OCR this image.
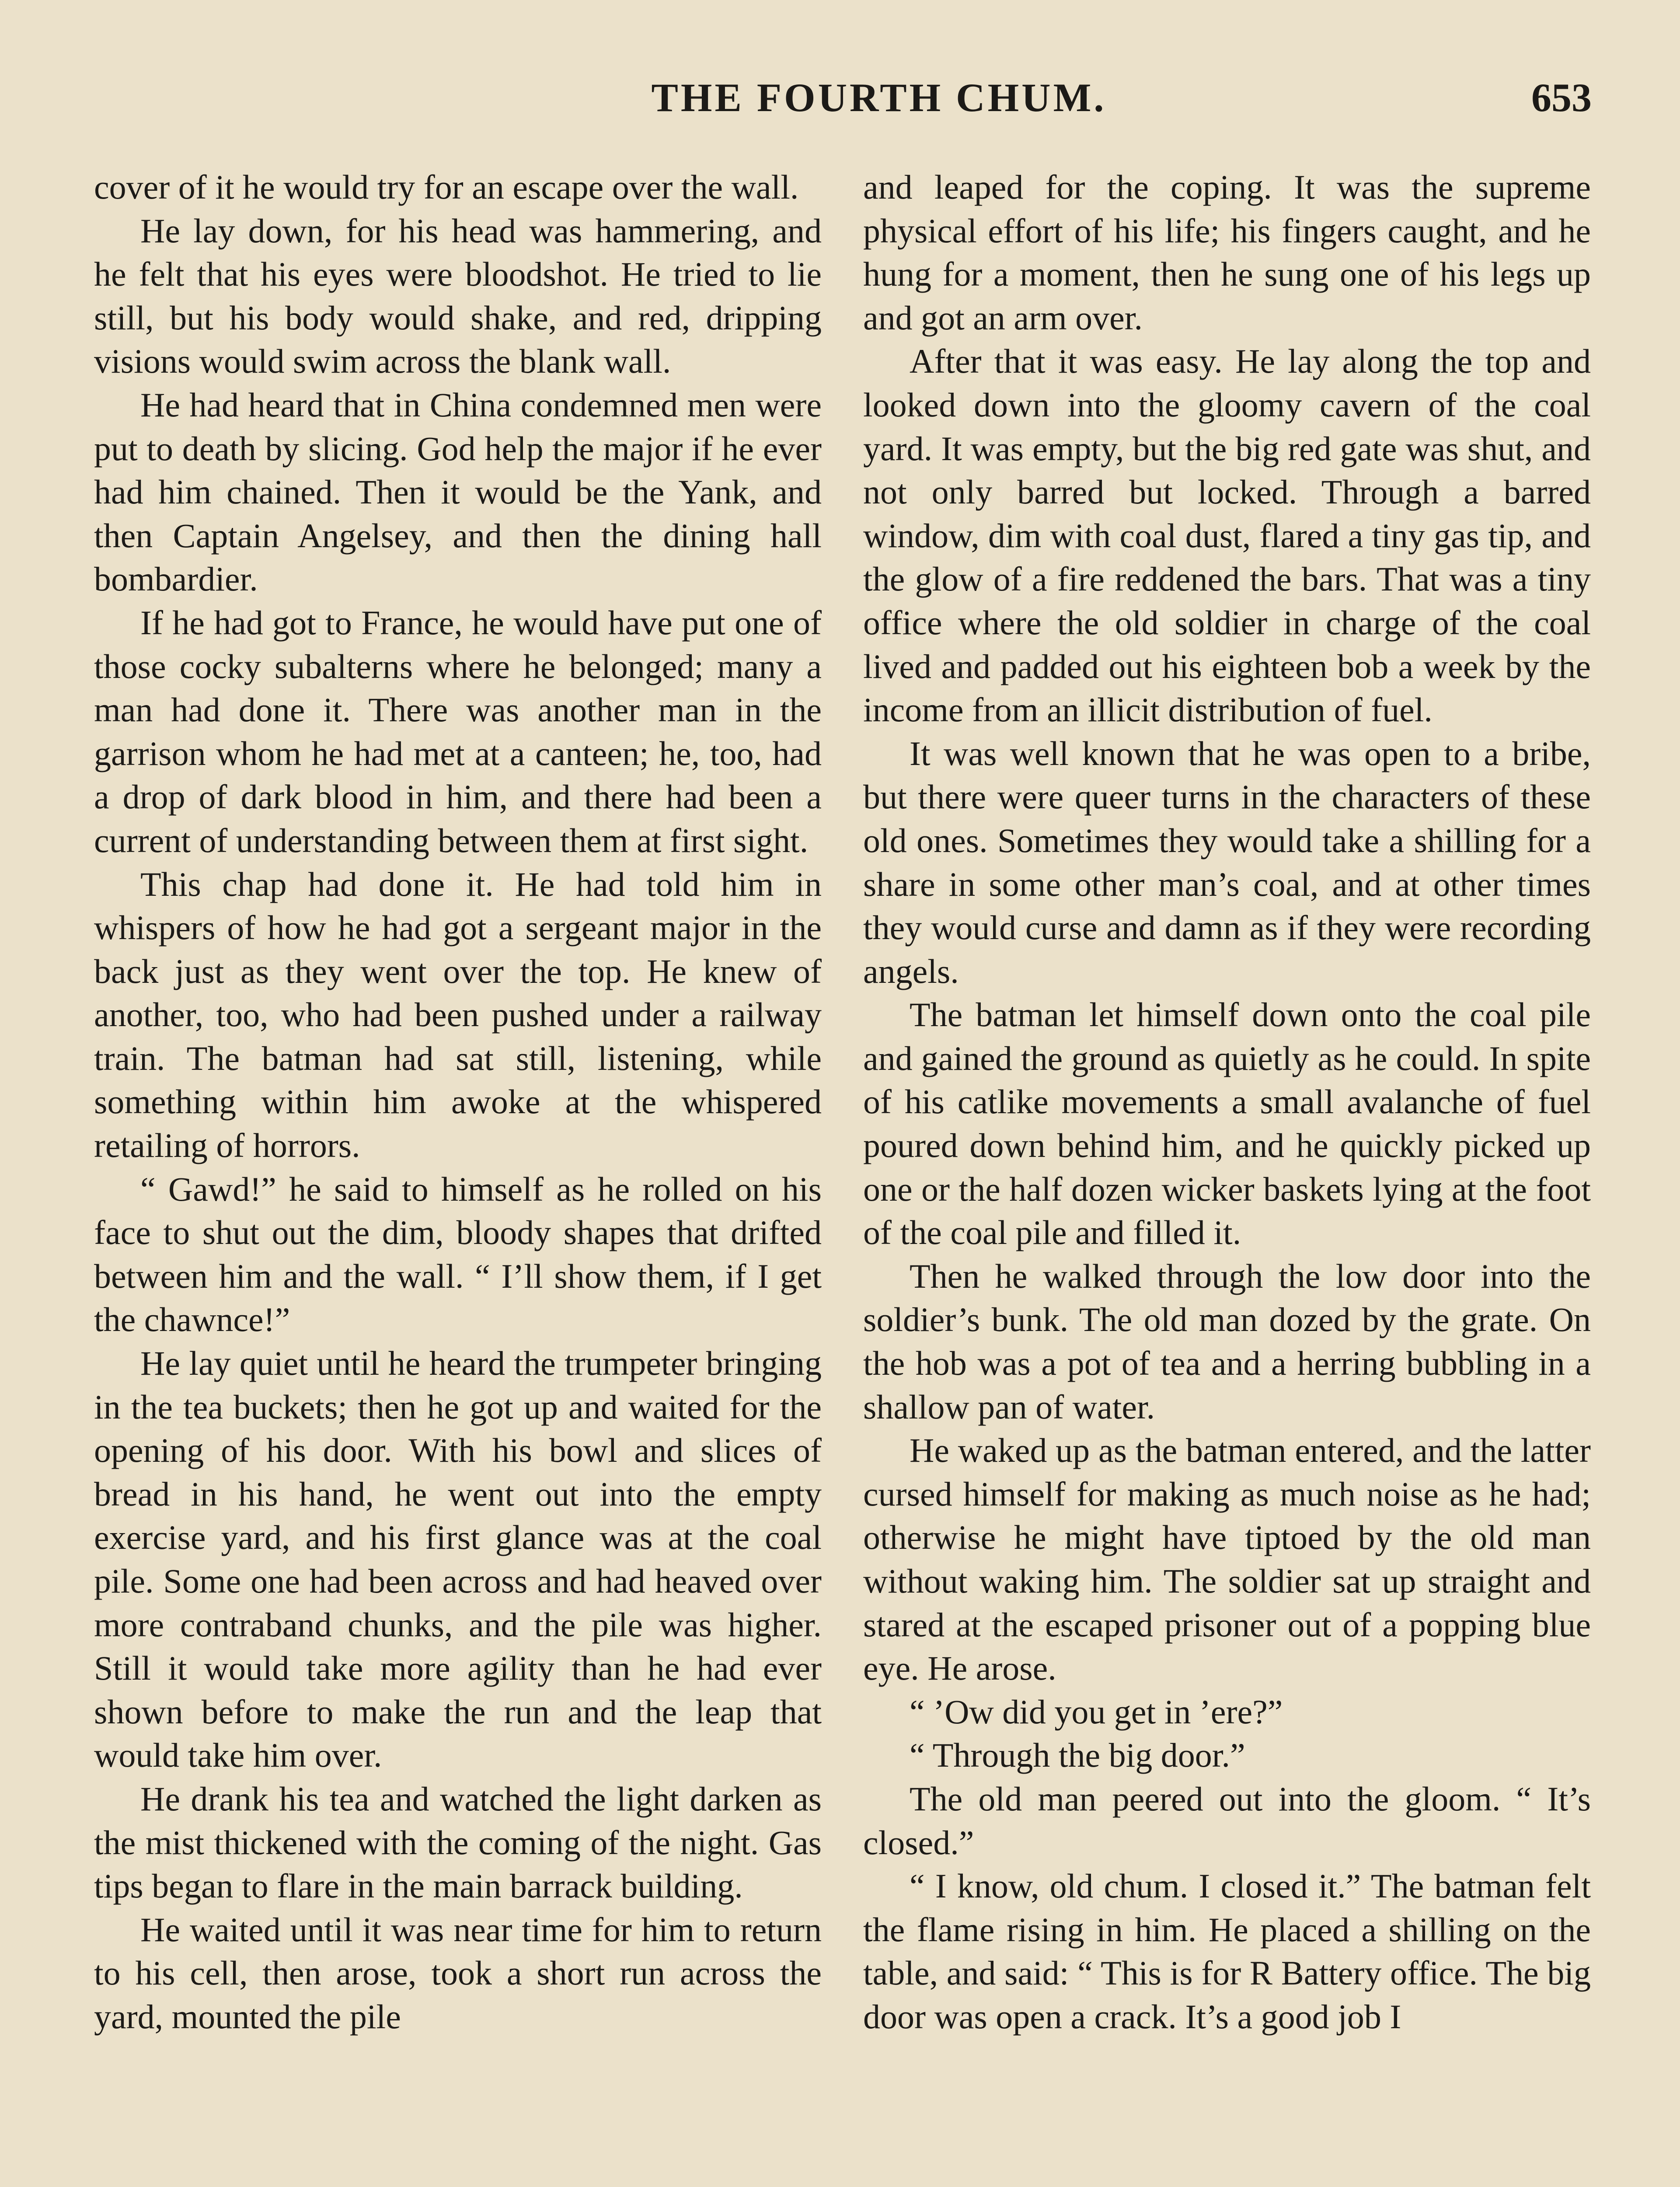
THE FOURTH CHUM.	653

cover of it he would try for an escape over the wall.

He lay down, for his head was hammering, and he felt that his eyes were bloodshot. He tried to lie still, but his body would shake, and red, dripping visions would swim across the blank wall.

He had heard that in China condemned men were put to death by slicing. God help the major if he ever had him chained. Then it would be the Yank, and then Captain Angelsey, and then the dining hall bombardier.

If he had got to France, he would have put one of those cocky subalterns where he belonged; many a man had done it. There was another man in the garrison whom he had met at a canteen; he, too, had a drop of dark blood in him, and there had been a current of understanding between them at first sight.

This chap had done it. He had told him in whispers of how he had got a sergeant major in the back just as they went over the top. He knew of another, too, who had been pushed under a railway train. The batman had sat still, listening, while something within him awoke at the whispered retailing of horrors.

“ Gawd!” he said to himself as he rolled on his face to shut out the dim, bloody shapes that drifted between him and the wall. “ I’ll show them, if I get the chawnce!”

He lay quiet until he heard the trumpeter bringing in the tea buckets; then he got up and waited for the opening of his door. With his bowl and slices of bread in his hand, he went out into the empty exercise yard, and his first glance was at the coal pile. Some one had been across and had heaved over more contraband chunks, and the pile was higher. Still it would take more agility than he had ever shown before to make the run and the leap that would take him over.

He drank his tea and watched the light darken as the mist thickened with the coming of the night. Gas tips began to flare in the main barrack building.

He waited until it was near time for him to return to his cell, then arose, took a short run across the yard, mounted the pile

and leaped for the coping. It was the supreme physical effort of his life; his fingers caught, and he hung for a moment, then he sung one of his legs up and got an arm over.

After that it was easy. He lay along the top and looked down into the gloomy cavern of the coal yard. It was empty, but the big red gate was shut, and not only barred but locked. Through a barred window, dim with coal dust, flared a tiny gas tip, and the glow of a fire reddened the bars. That was a tiny office where the old soldier in charge of the coal lived and padded out his eighteen bob a week by the income from an illicit distribution of fuel.

It was well known that he was open to a bribe, but there were queer turns in the characters of these old ones. Sometimes they would take a shilling for a share in some other man’s coal, and at other times they would curse and damn as if they were recording angels.

The batman let himself down onto the coal pile and gained the ground as quietly as he could. In spite of his catlike movements a small avalanche of fuel poured down behind him, and he quickly picked up one or the half dozen wicker baskets lying at the foot of the coal pile and filled it.

Then he walked through the low door into the soldier’s bunk. The old man dozed by the grate. On the hob was a pot of tea and a herring bubbling in a shallow pan of water.

He waked up as the batman entered, and the latter cursed himself for making as much noise as he had; otherwise he might have tiptoed by the old man without waking him. The soldier sat up straight and stared at the escaped prisoner out of a popping blue eye. He arose.

“ ’Ow did you get in ’ere?”

“ Through the big door.”

The old man peered out into the gloom. “ It’s closed.”

“ I know, old chum. I closed it.” The batman felt the flame rising in him. He placed a shilling on the table, and said: “ This is for R Battery office. The big door was open a crack. It’s a good job I
